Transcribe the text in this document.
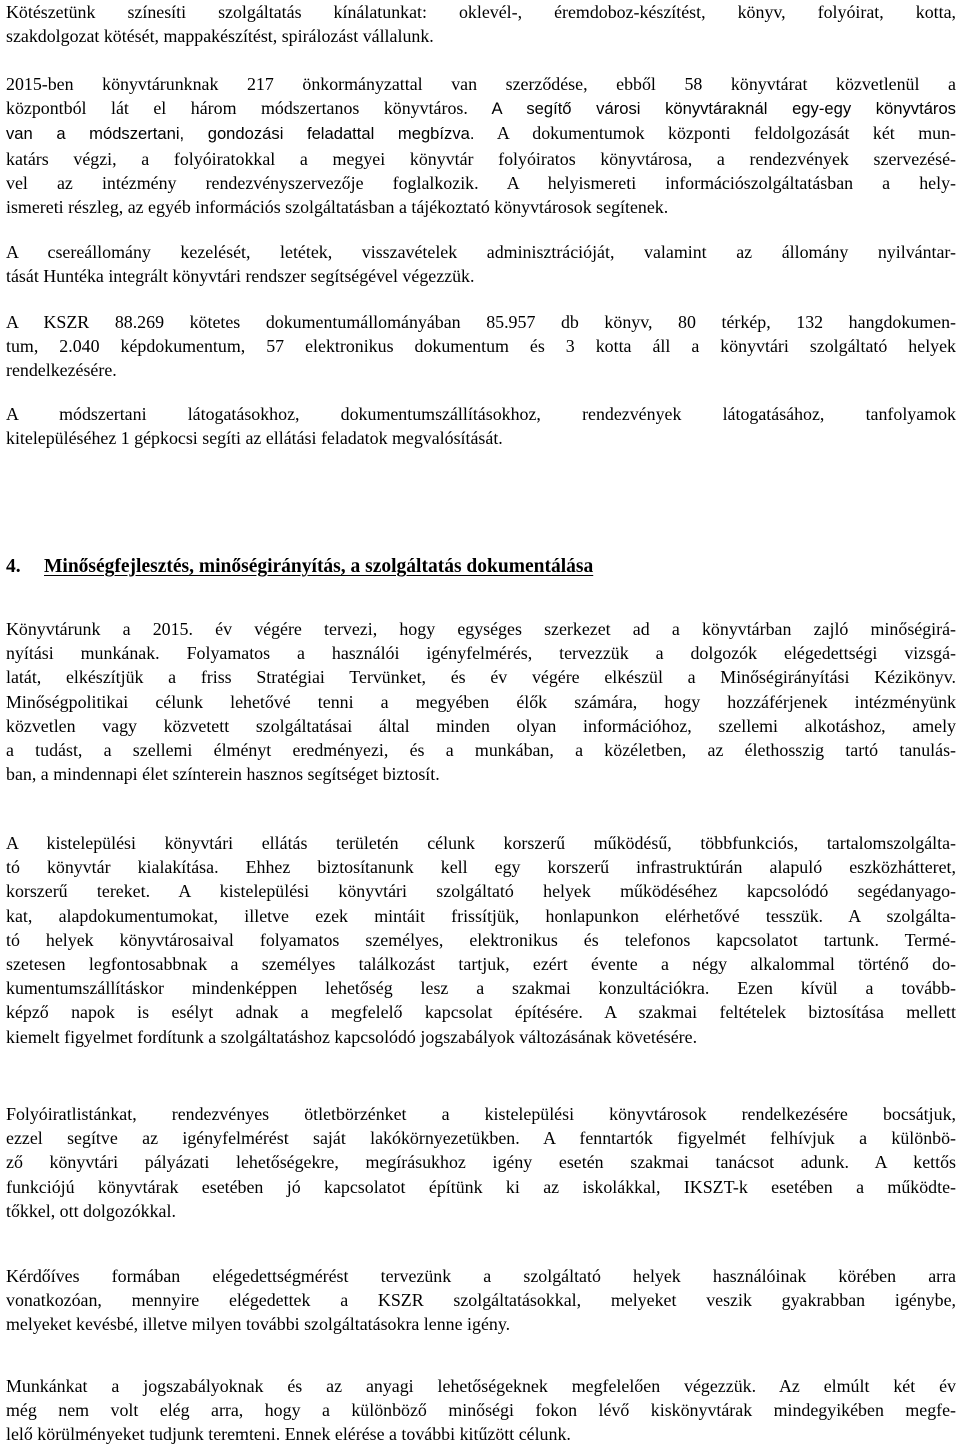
Kötészetünk színesíti szolgáltatás kínálatunkat: oklevél-, éremdoboz-készítést, könyv, folyóirat, kotta,
szakdolgozat kötését, mappakészítést, spirálozást vállalunk.
2015-ben könyvtárunknak 217 önkormányzattal van szerződése, ebből 58 könyvtárat közvetlenül a
központból lát el három módszertanos könyvtáros. A segítő városi könyvtáraknál egy-egy könyvtáros
van a módszertani, gondozási feladattal megbízva. A dokumentumok központi feldolgozását két mun-
katárs végzi, a folyóiratokkal a megyei könyvtár folyóiratos könyvtárosa, a rendezvények szervezésé-
vel az intézmény rendezvényszervezője foglalkozik. A helyismereti információszolgáltatásban a hely-
ismereti részleg, az egyéb információs szolgáltatásban a tájékoztató könyvtárosok segítenek.
A csereállomány kezelését, letétek, visszavételek adminisztrációját, valamint az állomány nyilvántar-
tását Huntéka integrált könyvtári rendszer segítségével végezzük.
A KSZR 88.269 kötetes dokumentumállományában 85.957 db könyv, 80 térkép, 132 hangdokumen-
tum, 2.040 képdokumentum, 57 elektronikus dokumentum és 3 kotta áll a könyvtári szolgáltató helyek
rendelkezésére.
A módszertani látogatásokhoz, dokumentumszállításokhoz, rendezvények látogatásához, tanfolyamok
kitelepüléséhez 1 gépkocsi segíti az ellátási feladatok megvalósítását.
4. Minőségfejlesztés, minőségirányítás, a szolgáltatás dokumentálása
Könyvtárunk a 2015. év végére tervezi, hogy egységes szerkezet ad a könyvtárban zajló minőségirá-
nyítási munkának. Folyamatos a használói igényfelmérés, tervezzük a dolgozók elégedettségi vizsgá-
latát, elkészítjük a friss Stratégiai Tervünket, és év végére elkészül a Minőségirányítási Kézikönyv.
Minőségpolitikai célunk lehetővé tenni a megyében élők számára, hogy hozzáférjenek intézményünk
közvetlen vagy közvetett szolgáltatásai által minden olyan információhoz, szellemi alkotáshoz, amely
a tudást, a szellemi élményt eredményezi, és a munkában, a közéletben, az élethosszig tartó tanulás-
ban, a mindennapi élet színterein hasznos segítséget biztosít.
A kistelepülési könyvtári ellátás területén célunk korszerű működésű, többfunkciós, tartalomszolgálta-
tó könyvtár kialakítása. Ehhez biztosítanunk kell egy korszerű infrastruktúrán alapuló eszközhátteret,
korszerű tereket. A kistelepülési könyvtári szolgáltató helyek működéséhez kapcsolódó segédanyago-
kat, alapdokumentumokat, illetve ezek mintáit frissítjük, honlapunkon elérhetővé tesszük. A szolgálta-
tó helyek könyvtárosaival folyamatos személyes, elektronikus és telefonos kapcsolatot tartunk. Termé-
szetesen legfontosabbnak a személyes találkozást tartjuk, ezért évente a négy alkalommal történő do-
kumentumszállításkor mindenképpen lehetőség lesz a szakmai konzultációkra. Ezen kívül a tovább-
képző napok is esélyt adnak a megfelelő kapcsolat építésére. A szakmai feltételek biztosítása mellett
kiemelt figyelmet fordítunk a szolgáltatáshoz kapcsolódó jogszabályok változásának követésére.
Folyóiratlistánkat, rendezvényes ötletbörzénket a kistelepülési könyvtárosok rendelkezésére bocsátjuk,
ezzel segítve az igényfelmérést saját lakókörnyezetükben. A fenntartók figyelmét felhívjuk a különbö-
ző könyvtári pályázati lehetőségekre, megírásukhoz igény esetén szakmai tanácsot adunk. A kettős
funkciójú könyvtárak esetében jó kapcsolatot építünk ki az iskolákkal, IKSZT-k esetében a működte-
tőkkel, ott dolgozókkal.
Kérdőíves formában elégedettségmérést tervezünk a szolgáltató helyek használóinak körében arra
vonatkozóan, mennyire elégedettek a KSZR szolgáltatásokkal, melyeket veszik gyakrabban igénybe,
melyeket kevésbé, illetve milyen további szolgáltatásokra lenne igény.
Munkánkat a jogszabályoknak és az anyagi lehetőségeknek megfelelően végezzük. Az elmúlt két év
még nem volt elég arra, hogy a különböző minőségi fokon lévő kiskönyvtárak mindegyikében megfe-
lelő körülményeket tudjunk teremteni. Ennek elérése a további kitűzött célunk.
